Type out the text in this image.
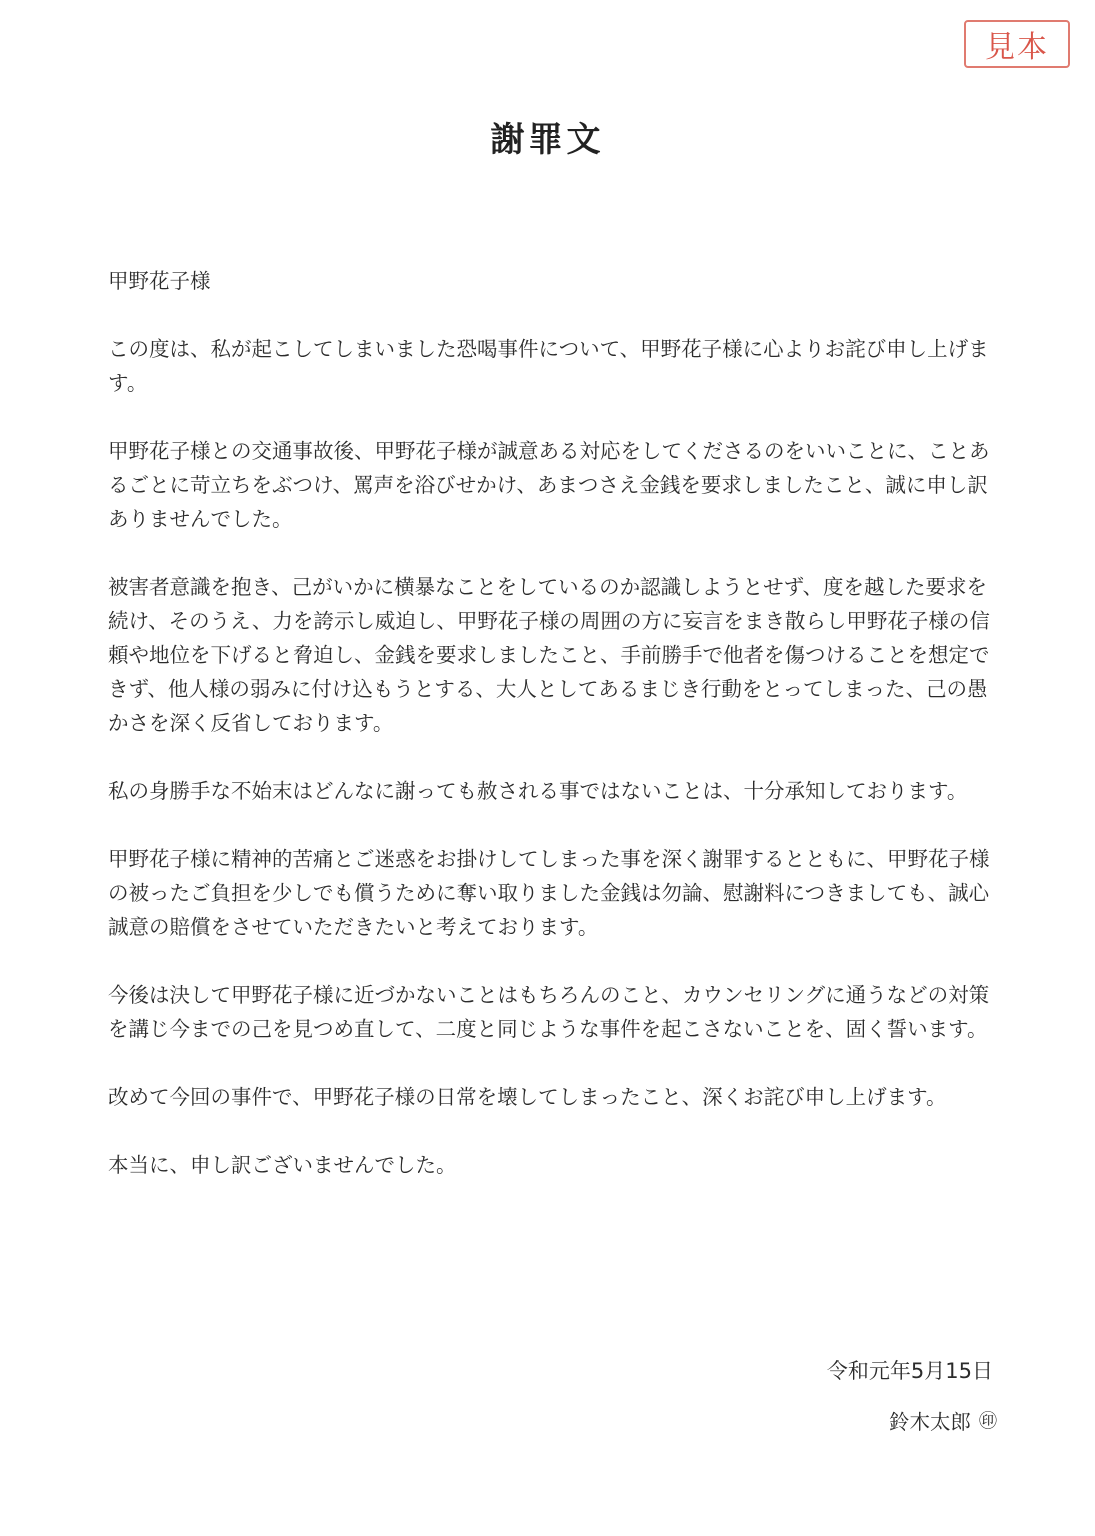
見本
謝罪文

甲野花子様

この度は、私が起こしてしまいました恐喝事件について、甲野花子様に心よりお詫び申し上げます。

甲野花子様との交通事故後、甲野花子様が誠意ある対応をしてくださるのをいいことに、ことあるごとに苛立ちをぶつけ、罵声を浴びせかけ、あまつさえ金銭を要求しましたこと、誠に申し訳ありませんでした。

被害者意識を抱き、己がいかに横暴なことをしているのか認識しようとせず、度を越した要求を続け、そのうえ、力を誇示し威迫し、甲野花子様の周囲の方に妄言をまき散らし甲野花子様の信頼や地位を下げると脅迫し、金銭を要求しましたこと、手前勝手で他者を傷つけることを想定できず、他人様の弱みに付け込もうとする、大人としてあるまじき行動をとってしまった、己の愚かさを深く反省しております。

私の身勝手な不始末はどんなに謝っても赦される事ではないことは、十分承知しております。

甲野花子様に精神的苦痛とご迷惑をお掛けしてしまった事を深く謝罪するとともに、甲野花子様の被ったご負担を少しでも償うために奪い取りました金銭は勿論、慰謝料につきましても、誠心誠意の賠償をさせていただきたいと考えております。

今後は決して甲野花子様に近づかないことはもちろんのこと、カウンセリングに通うなどの対策を講じ今までの己を見つめ直して、二度と同じような事件を起こさないことを、固く誓います。

改めて今回の事件で、甲野花子様の日常を壊してしまったこと、深くお詫び申し上げます。

本当に、申し訳ございませんでした。

令和元年5月15日
鈴木太郎 ㊞
